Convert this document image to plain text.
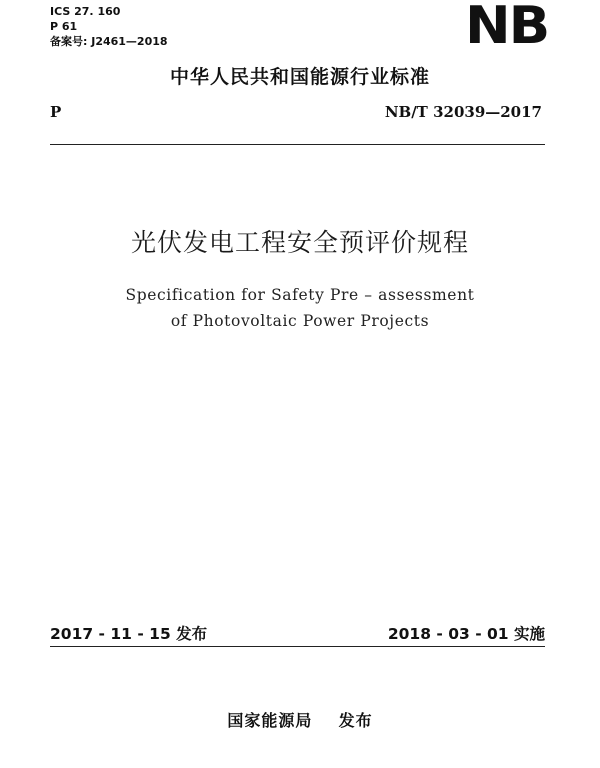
ICS 27. 160
P 61
备案号: J2461—2018	NB
中华人民共和国能源行业标准
P	NB/T 32039—2017
光伏发电工程安全预评价规程
Specification for Safety Pre – assessment
of Photovoltaic Power Projects
2017 - 11 - 15 发布	2018 - 03 - 01 实施
国家能源局    发布
